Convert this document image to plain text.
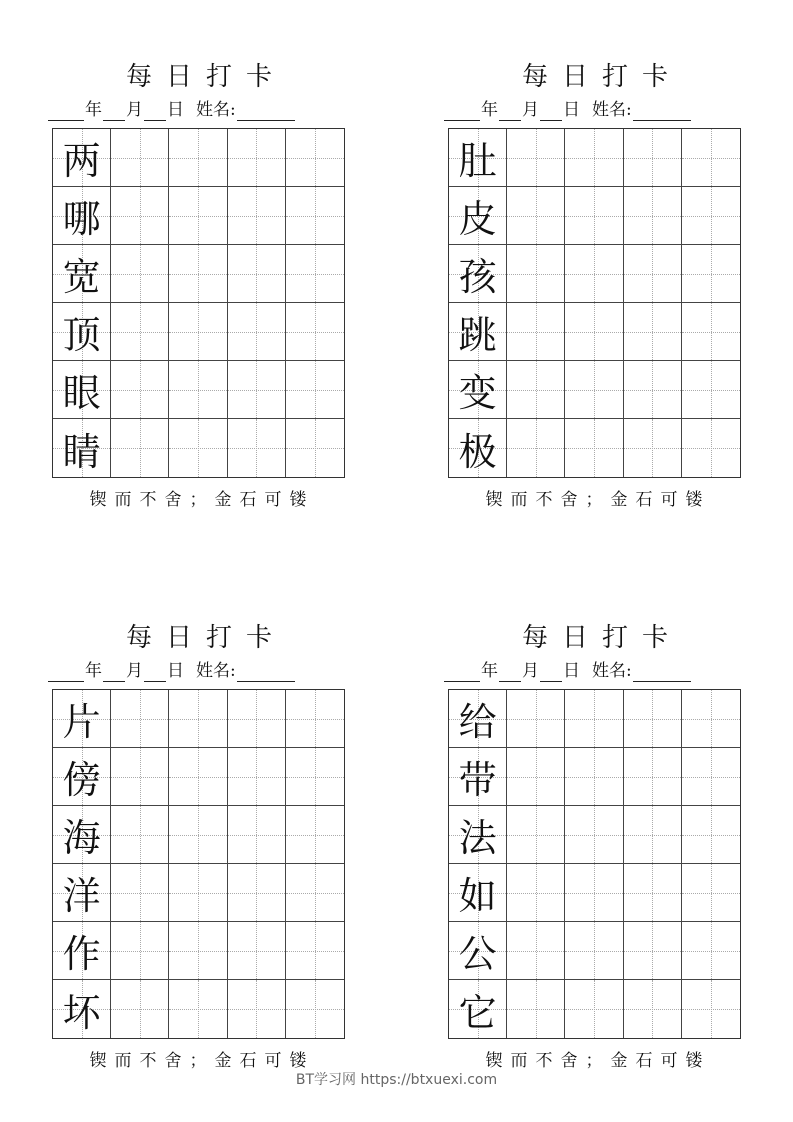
每日打卡
年 月 日 姓名:
两
哪
宽
顶
眼
睛
锲而不舍；金石可镂
每日打卡
年 月 日 姓名:
肚
皮
孩
跳
变
极
锲而不舍；金石可镂
每日打卡
年 月 日 姓名:
片
傍
海
洋
作
坏
锲而不舍；金石可镂
每日打卡
年 月 日 姓名:
给
带
法
如
公
它
锲而不舍；金石可镂
BT学习网 https://btxuexi.com
